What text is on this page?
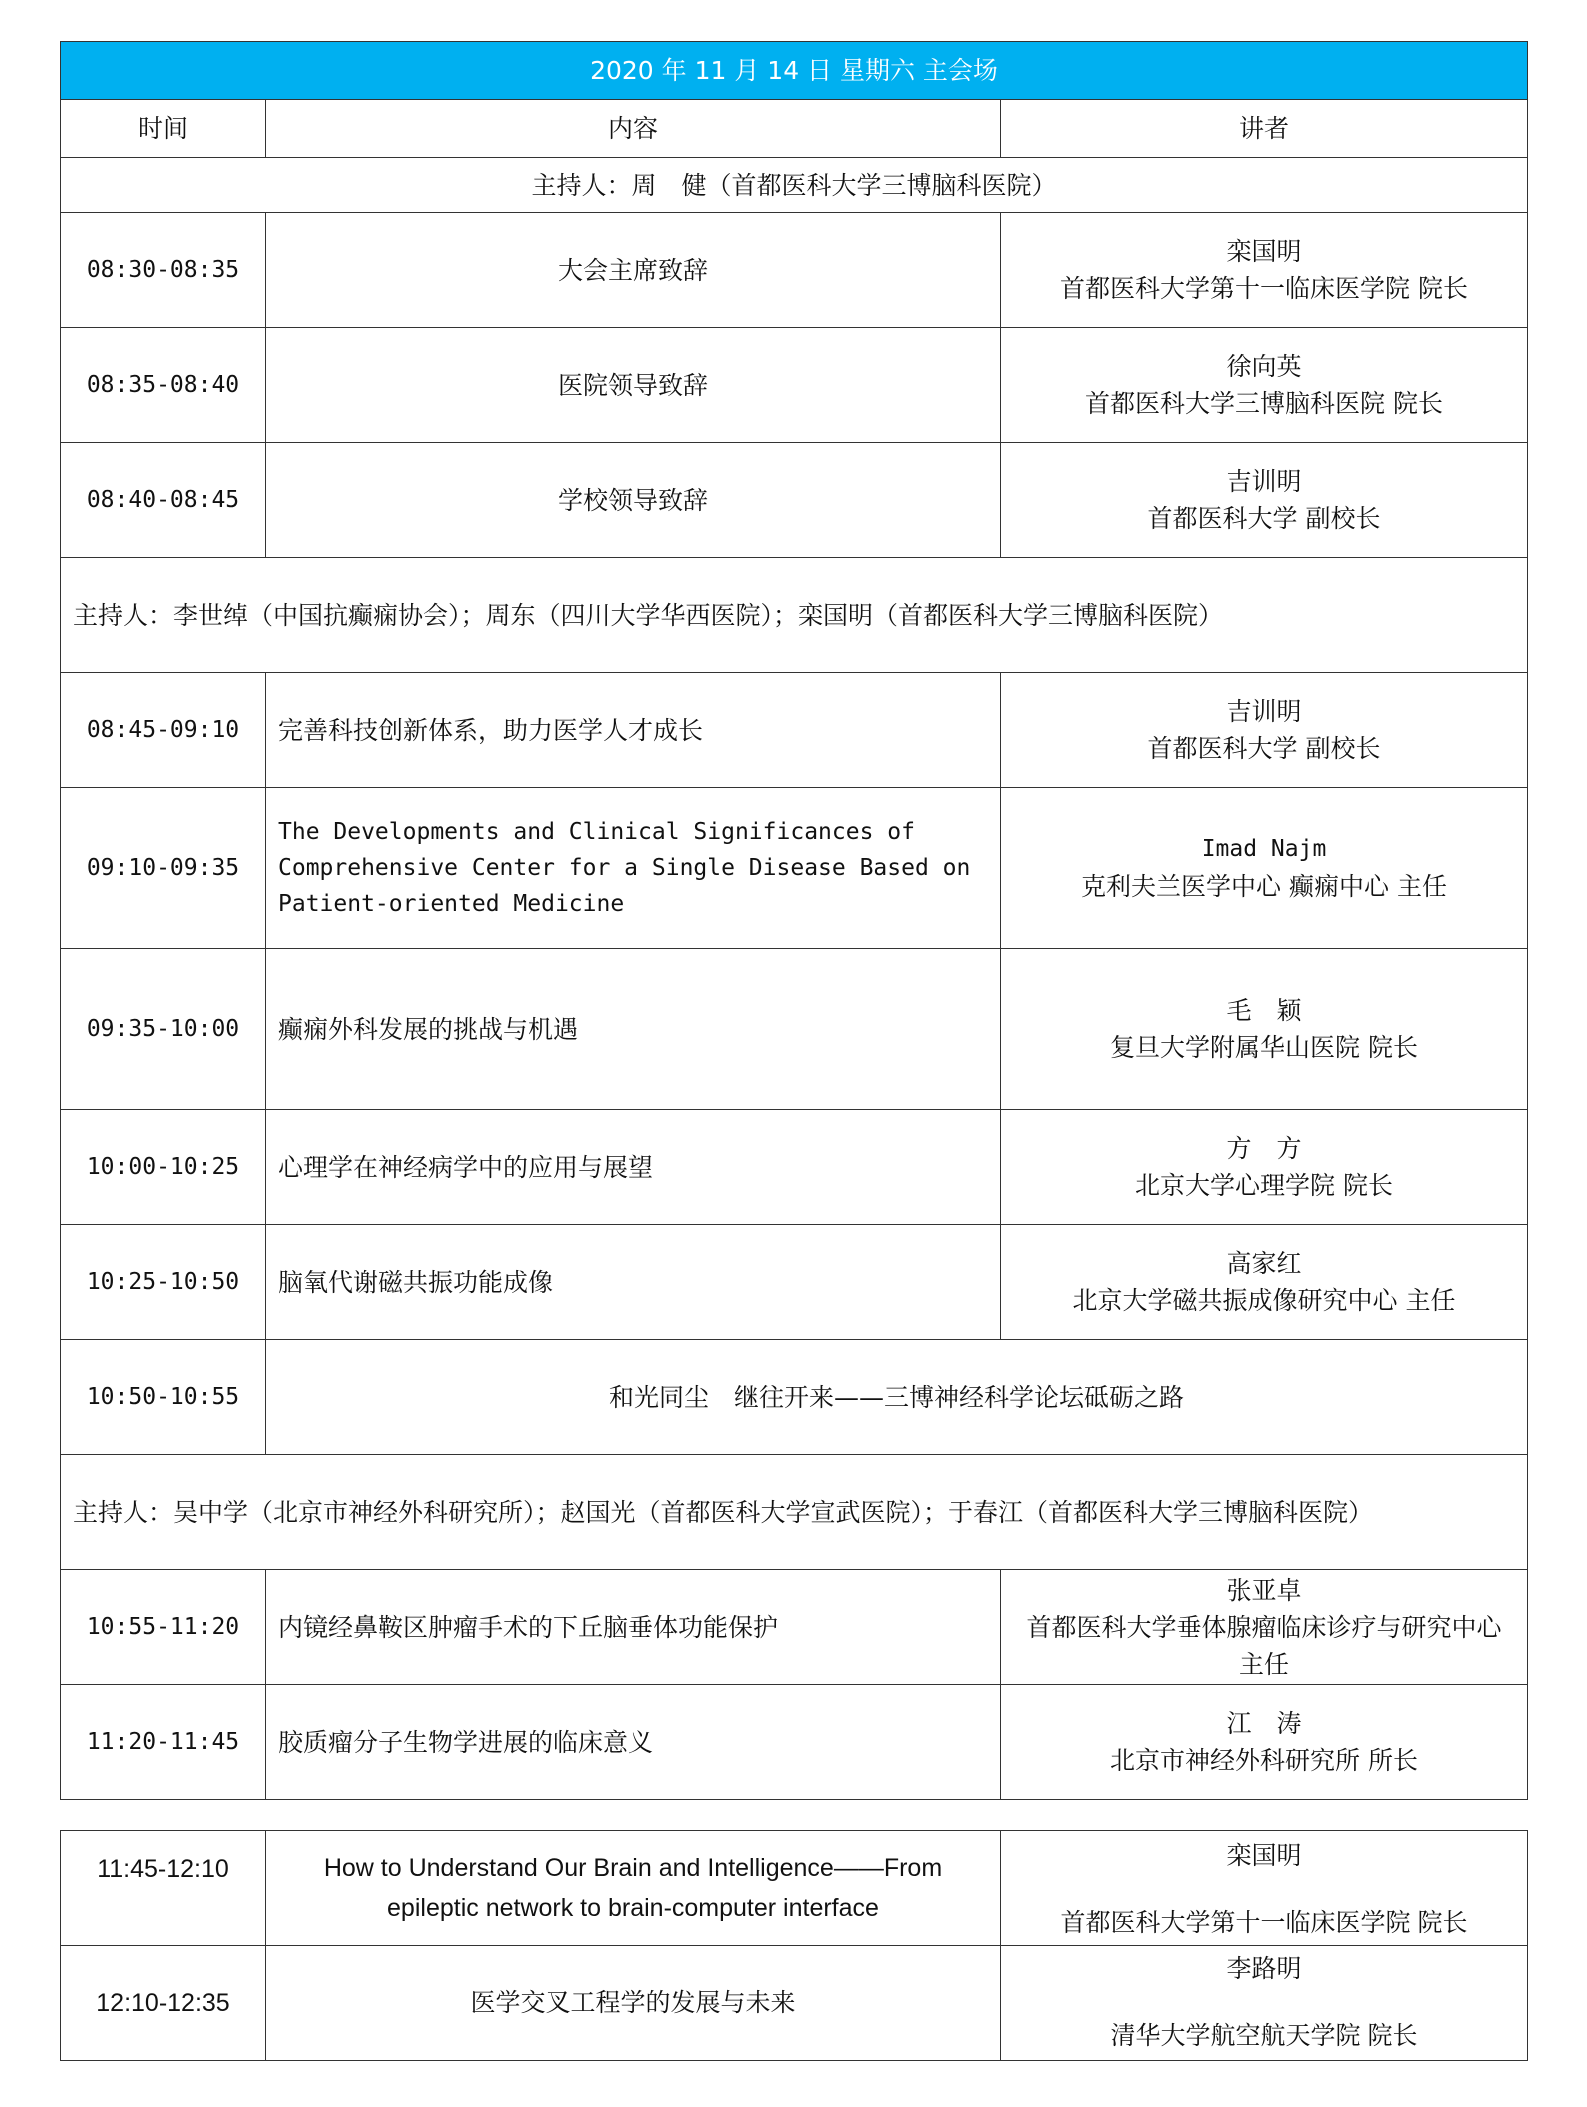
2020 年 11 月 14 日 星期六 主会场		
时间	内容	讲者
主持人：周　健（首都医科大学三博脑科医院）		
08:30-08:35	大会主席致辞	栾国明
首都医科大学第十一临床医学院 院长

08:35-08:40	医院领导致辞	徐向英
首都医科大学三博脑科医院 院长

08:40-08:45	学校领导致辞	吉训明
首都医科大学 副校长

主持人：李世绰（中国抗癫痫协会）；周东（四川大学华西医院）；栾国明（首都医科大学三博脑科医院）		
08:45-09:10	完善科技创新体系，助力医学人才成长	吉训明
首都医科大学 副校长

09:10-09:35	The Developments and Clinical Significances of Comprehensive Center for a Single Disease Based on Patient-oriented Medicine	Imad Najm
克利夫兰医学中心 癫痫中心 主任

09:35-10:00	癫痫外科发展的挑战与机遇	毛　颖
复旦大学附属华山医院 院长

10:00-10:25	心理学在神经病学中的应用与展望	方　方
北京大学心理学院 院长

10:25-10:50	脑氧代谢磁共振功能成像	高家红
北京大学磁共振成像研究中心 主任

10:50-10:55	和光同尘　继往开来——三博神经科学论坛砥砺之路	
主持人：吴中学（北京市神经外科研究所）；赵国光（首都医科大学宣武医院）；于春江（首都医科大学三博脑科医院）		
10:55-11:20	内镜经鼻鞍区肿瘤手术的下丘脑垂体功能保护	张亚卓
首都医科大学垂体腺瘤临床诊疗与研究中心 主任

11:20-11:45	胶质瘤分子生物学进展的临床意义	江　涛
北京市神经外科研究所 所长
11:45-12:10	How to Understand Our Brain and Intelligence——From epileptic network to brain-computer interface	栾国明
首都医科大学第十一临床医学院 院长

12:10-12:35	医学交叉工程学的发展与未来	李路明
清华大学航空航天学院 院长
